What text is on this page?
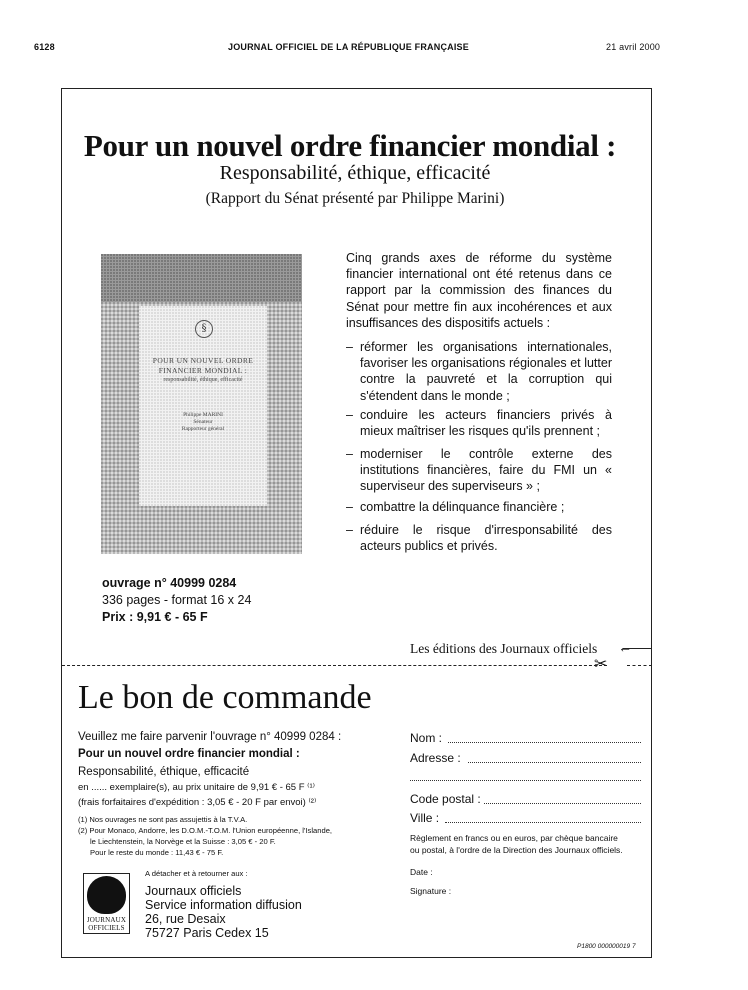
6128	JOURNAL OFFICIEL DE LA RÉPUBLIQUE FRANÇAISE	21 avril 2000
Pour un nouvel ordre financier mondial :
Responsabilité, éthique, efficacité
(Rapport du Sénat présenté par Philippe Marini)
§
POUR UN NOUVEL ORDRE
FINANCIER MONDIAL :
responsabilité, éthique, efficacité
Philippe MARINI
Sénateur
Rapporteur général
Cinq grands axes de réforme du système financier international ont été retenus dans ce rapport par la commission des finances du Sénat pour mettre fin aux incohérences et aux insuffisances des dispositifs actuels :
– réformer les organisations internationales, favoriser les organisations régionales et lutter contre la pauvreté et la corruption qui s'étendent dans le monde ;
– conduire les acteurs financiers privés à mieux maîtriser les risques qu'ils prennent ;
– moderniser le contrôle externe des institutions financières, faire du FMI un « superviseur des superviseurs » ;
– combattre la délinquance financière ;
– réduire le risque d'irresponsabilité des acteurs publics et privés.
ouvrage n° 40999 0284
336 pages - format 16 x 24
Prix : 9,91 € - 65 F
Les éditions des Journaux officiels ←
✂
Le bon de commande
Veuillez me faire parvenir l'ouvrage n° 40999 0284 :
Pour un nouvel ordre financier mondial :
Responsabilité, éthique, efficacité
en ...... exemplaire(s), au prix unitaire de 9,91 € - 65 F ⁽¹⁾
(frais forfaitaires d'expédition : 3,05 € - 20 F par envoi) ⁽²⁾
(1) Nos ouvrages ne sont pas assujettis à la T.V.A.
(2) Pour Monaco, Andorre, les D.O.M.-T.O.M. l'Union européenne, l'Islande,
le Liechtenstein, la Norvège et la Suisse : 3,05 € - 20 F.
Pour le reste du monde : 11,43 € - 75 F.
Nom :
Adresse :
Code postal :
Ville :
Règlement en francs ou en euros, par chèque bancaire
ou postal, à l'ordre de la Direction des Journaux officiels.
Date :
Signature :
A détacher et à retourner aux :
JOURNAUX
OFFICIELS
Journaux officiels
Service information diffusion
26, rue Desaix
75727 Paris Cedex 15
P1800 000000019 7
